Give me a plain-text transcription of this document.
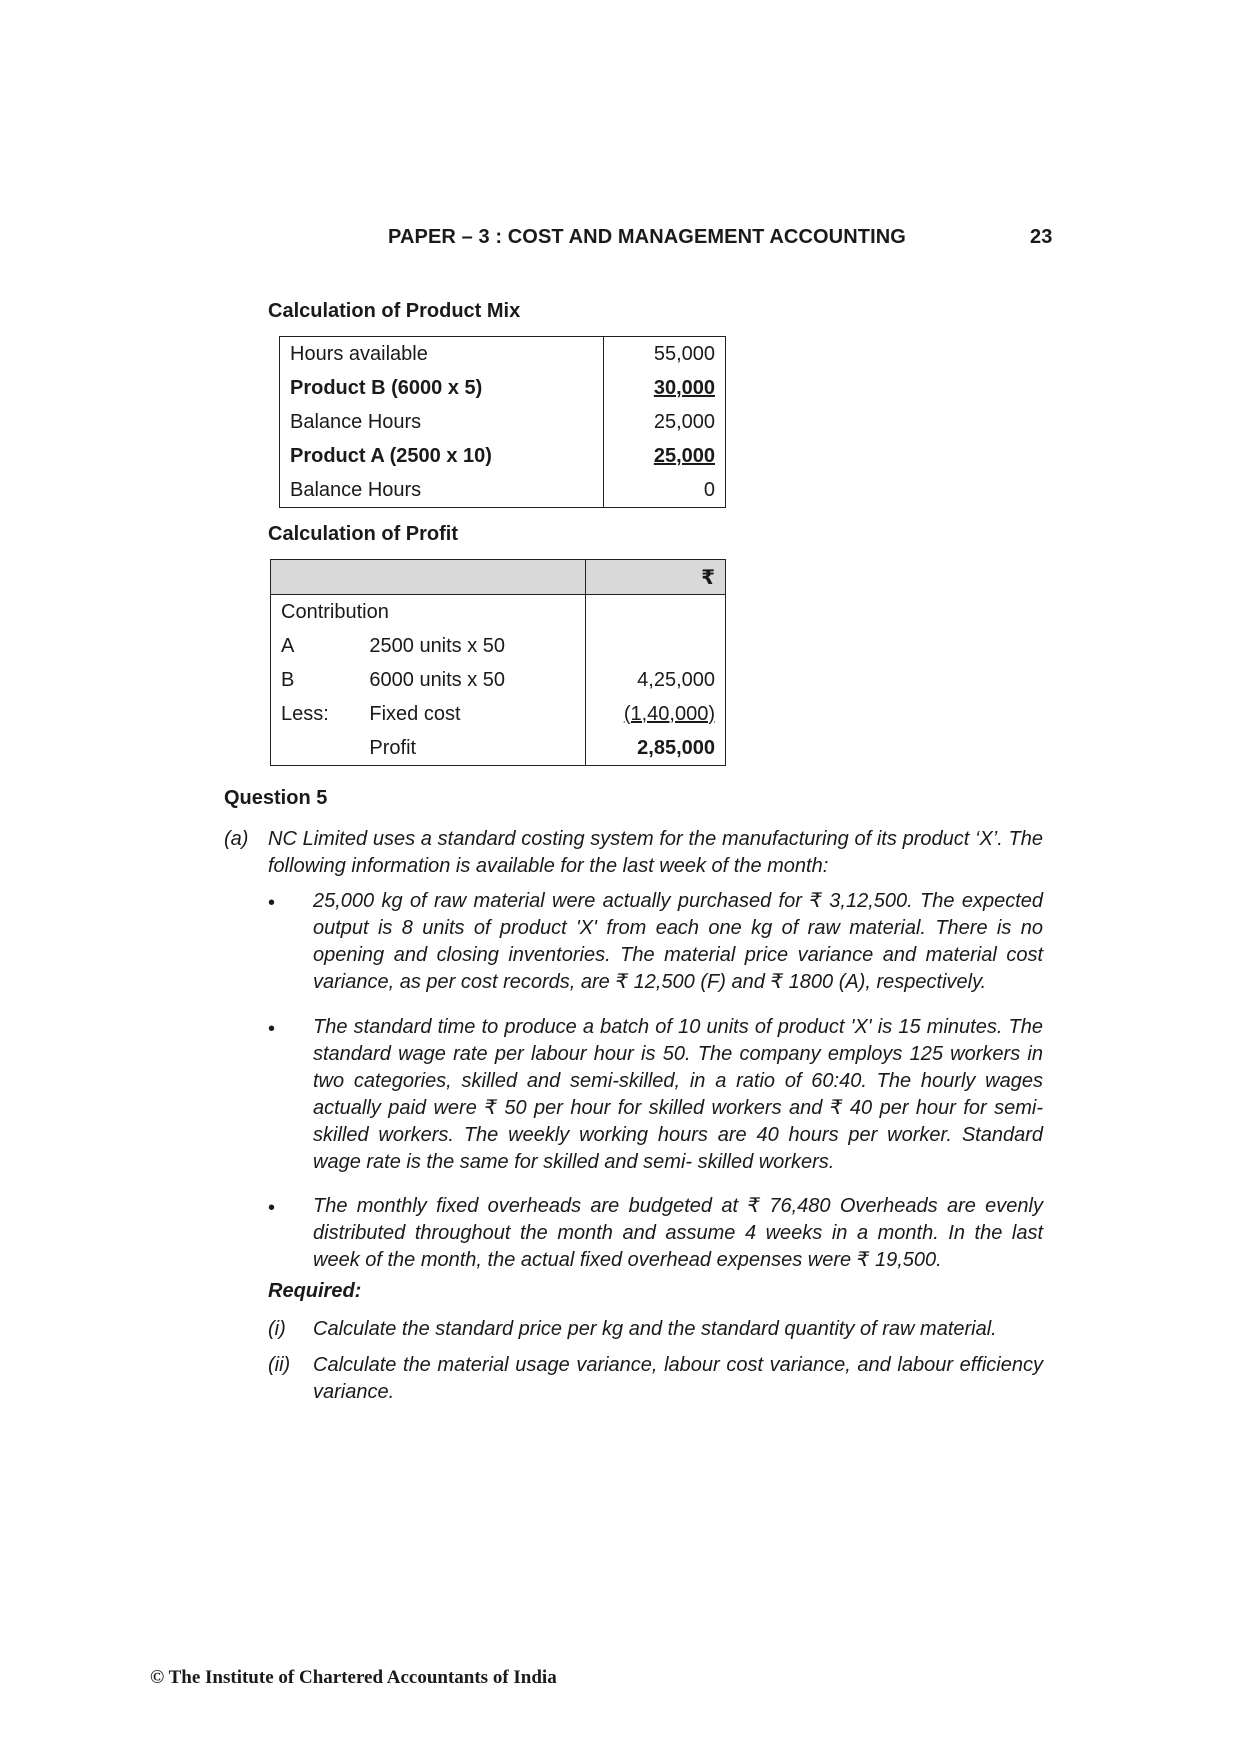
PAPER – 3 : COST AND MANAGEMENT ACCOUNTING	23
Calculation of Product Mix
Hours available	55,000
Product B (6000 x 5)	30,000
Balance Hours	25,000
Product A (2500 x 10)	25,000
Balance Hours	0
Calculation of Profit
		₹
Contribution		
A	2500 units x 50	
B	6000 units x 50	4,25,000
Less:	Fixed cost	(1,40,000)
	Profit	2,85,000
Question 5
(a) NC Limited uses a standard costing system for the manufacturing of its product ‘X’. The following information is available for the last week of the month:
• 25,000 kg of raw material were actually purchased for ₹ 3,12,500. The expected output is 8 units of product 'X' from each one kg of raw material. There is no opening and closing inventories. The material price variance and material cost variance, as per cost records, are ₹ 12,500 (F) and ₹ 1800 (A), respectively.
• The standard time to produce a batch of 10 units of product 'X' is 15 minutes. The standard wage rate per labour hour is 50. The company employs 125 workers in two categories, skilled and semi-skilled, in a ratio of 60:40. The hourly wages actually paid were ₹ 50 per hour for skilled workers and ₹ 40 per hour for semi-skilled workers. The weekly working hours are 40 hours per worker. Standard wage rate is the same for skilled and semi- skilled workers.
• The monthly fixed overheads are budgeted at ₹ 76,480 Overheads are evenly distributed throughout the month and assume 4 weeks in a month. In the last week of the month, the actual fixed overhead expenses were ₹ 19,500.
Required:
(i) Calculate the standard price per kg and the standard quantity of raw material.
(ii) Calculate the material usage variance, labour cost variance, and labour efficiency variance.
© The Institute of Chartered Accountants of India
